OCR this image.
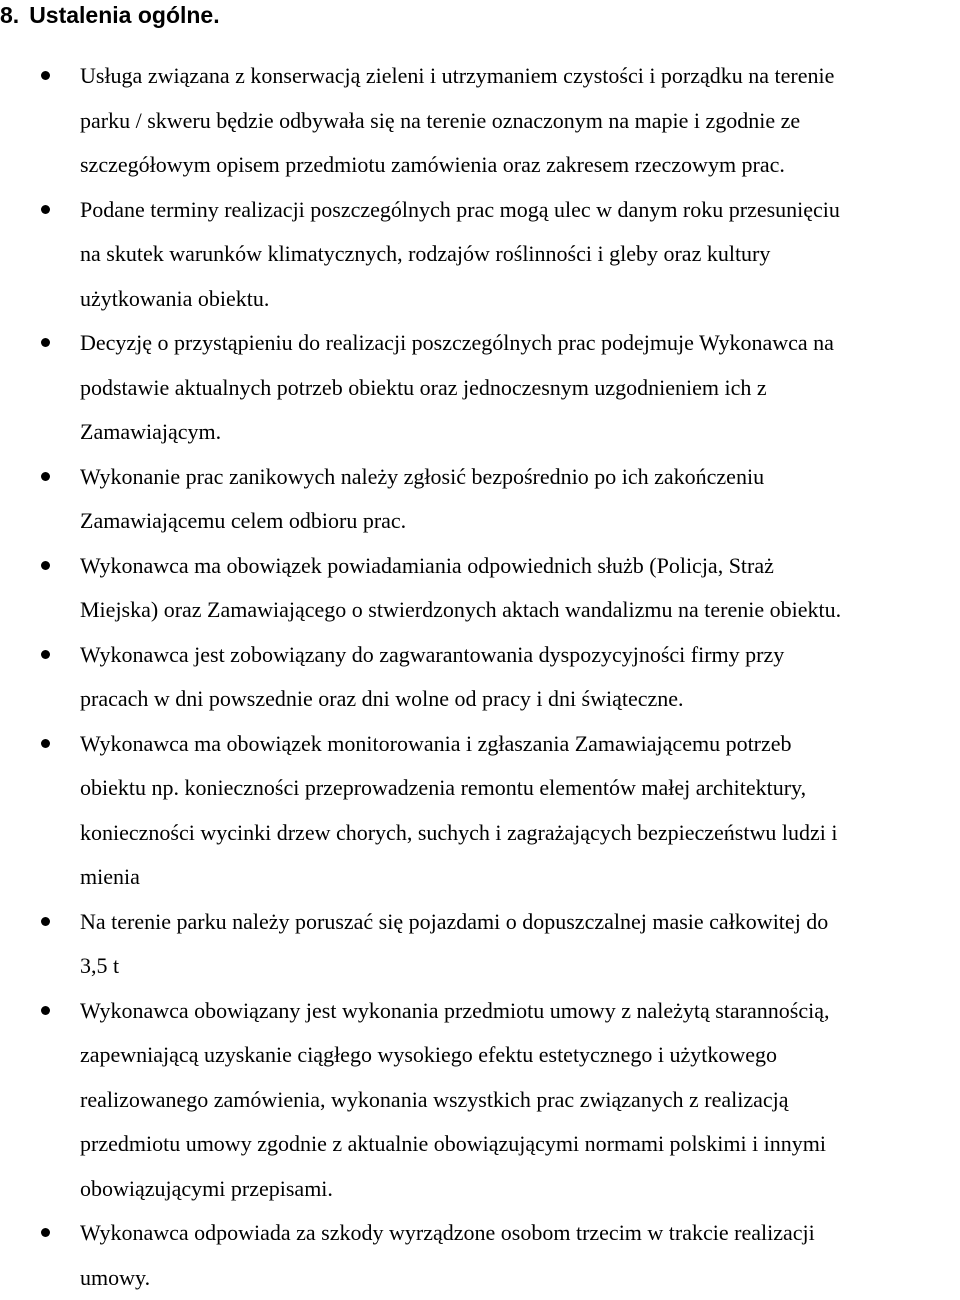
8. Ustalenia ogólne.
Usługa związana z konserwacją zieleni i utrzymaniem czystości i porządku na terenie
parku / skweru będzie odbywała się na terenie oznaczonym na mapie i zgodnie ze
szczegółowym opisem przedmiotu zamówienia oraz zakresem rzeczowym prac.
Podane terminy realizacji poszczególnych prac mogą ulec w danym roku przesunięciu
na skutek warunków klimatycznych, rodzajów roślinności i gleby oraz kultury
użytkowania obiektu.
Decyzję o przystąpieniu do realizacji poszczególnych prac podejmuje Wykonawca na
podstawie aktualnych potrzeb obiektu oraz jednoczesnym uzgodnieniem ich z
Zamawiającym.
Wykonanie prac zanikowych należy zgłosić bezpośrednio po ich zakończeniu
Zamawiającemu celem odbioru prac.
Wykonawca ma obowiązek powiadamiania odpowiednich służb (Policja, Straż
Miejska) oraz Zamawiającego o stwierdzonych aktach wandalizmu na terenie obiektu.
Wykonawca jest zobowiązany do zagwarantowania dyspozycyjności firmy przy
pracach w dni powszednie oraz dni wolne od pracy i dni świąteczne.
Wykonawca ma obowiązek monitorowania i zgłaszania Zamawiającemu potrzeb
obiektu np. konieczności przeprowadzenia remontu elementów małej architektury,
konieczności wycinki drzew chorych, suchych i zagrażających bezpieczeństwu ludzi i
mienia
Na terenie parku należy poruszać się pojazdami o dopuszczalnej masie całkowitej do
3,5 t
Wykonawca obowiązany jest wykonania przedmiotu umowy z należytą starannością,
zapewniającą uzyskanie ciągłego wysokiego efektu estetycznego i użytkowego
realizowanego zamówienia, wykonania wszystkich prac związanych z realizacją
przedmiotu umowy zgodnie z aktualnie obowiązującymi normami polskimi i innymi
obowiązującymi przepisami.
Wykonawca odpowiada za szkody wyrządzone osobom trzecim w trakcie realizacji
umowy.
